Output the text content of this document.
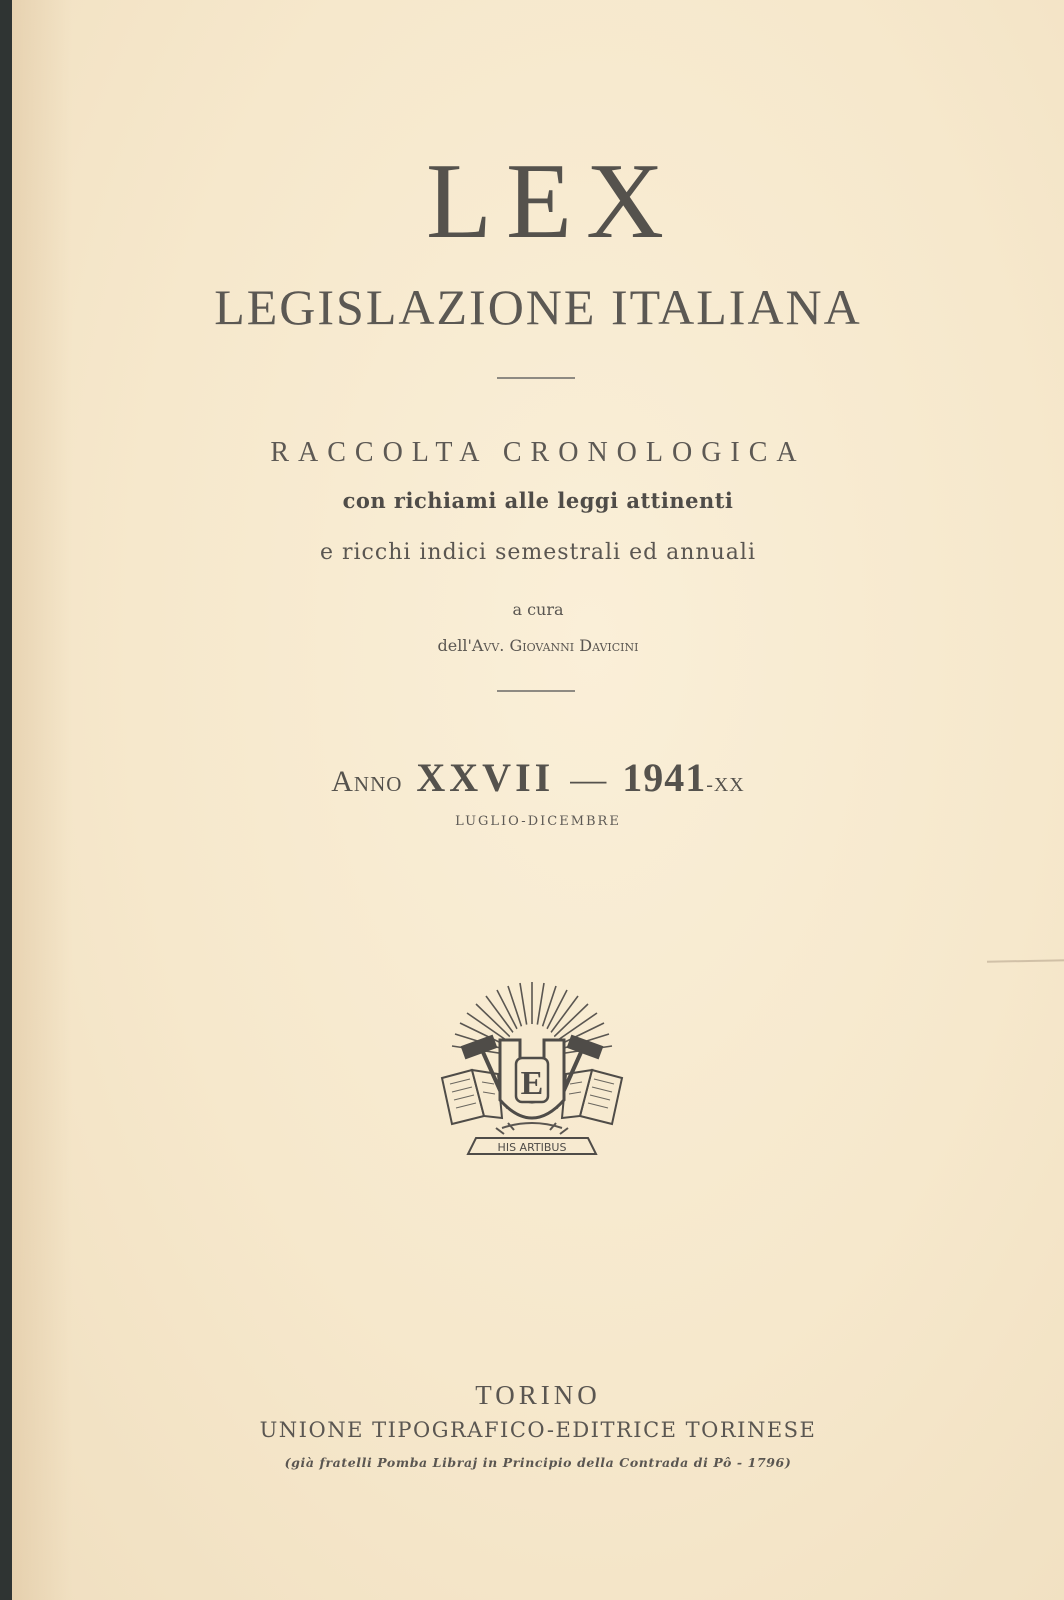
LEX
LEGISLAZIONE ITALIANA
RACCOLTA CRONOLOGICA
con richiami alle leggi attinenti
e ricchi indici semestrali ed annuali
a cura
dell'Avv. Giovanni Davicini
Anno XXVII — 1941-XX
LUGLIO-DICEMBRE
E
HIS ARTIBUS
TORINO
UNIONE TIPOGRAFICO-EDITRICE TORINESE
(già fratelli Pomba Libraj in Principio della Contrada di Pô - 1796)
